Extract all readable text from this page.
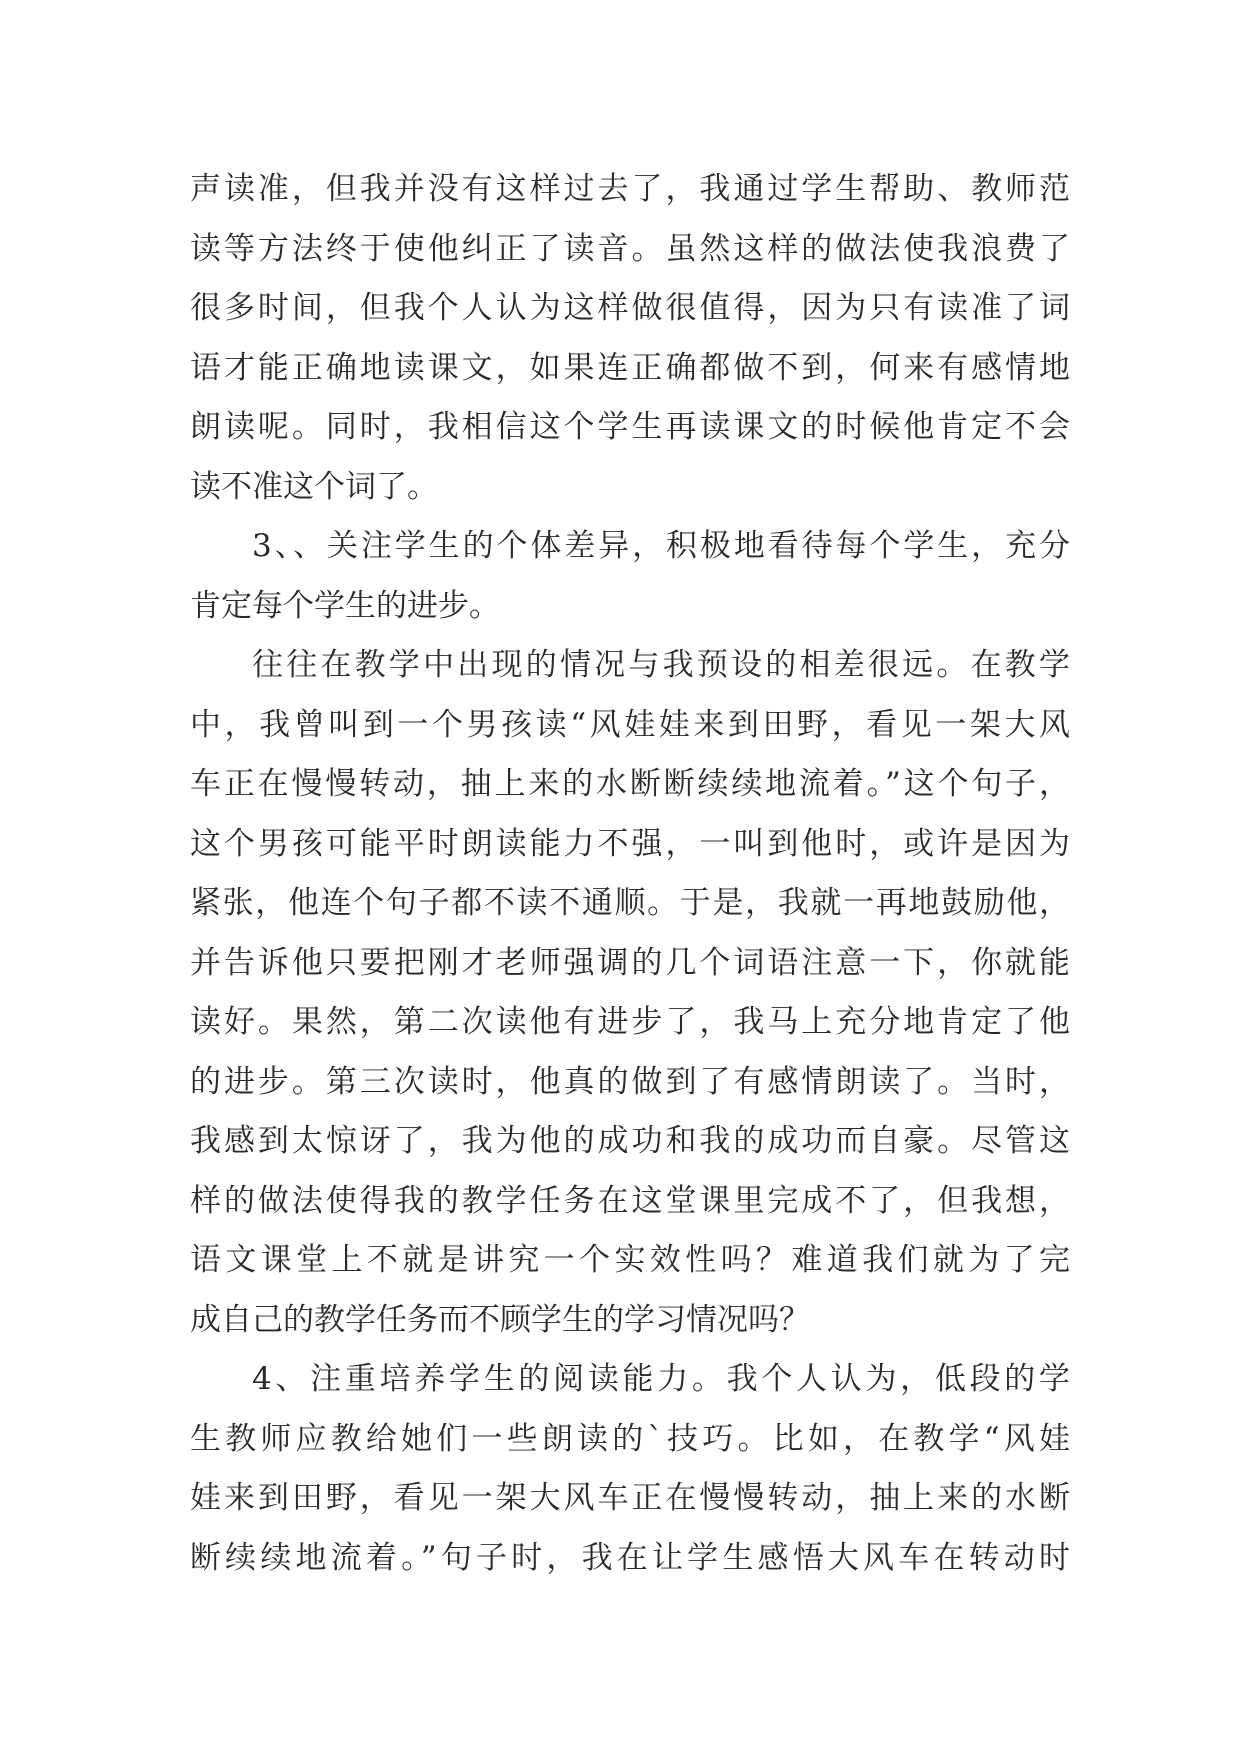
声读准，但我并没有这样过去了，我通过学生帮助、教师范
读等方法终于使他纠正了读音。虽然这样的做法使我浪费了
很多时间，但我个人认为这样做很值得，因为只有读准了词
语才能正确地读课文，如果连正确都做不到，何来有感情地
朗读呢。同时，我相信这个学生再读课文的时候他肯定不会
读不准这个词了。
3、、关注学生的个体差异，积极地看待每个学生，充分
肯定每个学生的进步。
往往在教学中出现的情况与我预设的相差很远。在教学
中，我曾叫到一个男孩读“风娃娃来到田野，看见一架大风
车正在慢慢转动，抽上来的水断断续续地流着。”这个句子，
这个男孩可能平时朗读能力不强，一叫到他时，或许是因为
紧张，他连个句子都不读不通顺。于是，我就一再地鼓励他，
并告诉他只要把刚才老师强调的几个词语注意一下，你就能
读好。果然，第二次读他有进步了，我马上充分地肯定了他
的进步。第三次读时，他真的做到了有感情朗读了。当时，
我感到太惊讶了，我为他的成功和我的成功而自豪。尽管这
样的做法使得我的教学任务在这堂课里完成不了，但我想，
语文课堂上不就是讲究一个实效性吗？难道我们就为了完
成自己的教学任务而不顾学生的学习情况吗？
4、注重培养学生的阅读能力。我个人认为，低段的学
生教师应教给她们一些朗读的`技巧。比如，在教学“风娃
娃来到田野，看见一架大风车正在慢慢转动，抽上来的水断
断续续地流着。”句子时，我在让学生感悟大风车在转动时
